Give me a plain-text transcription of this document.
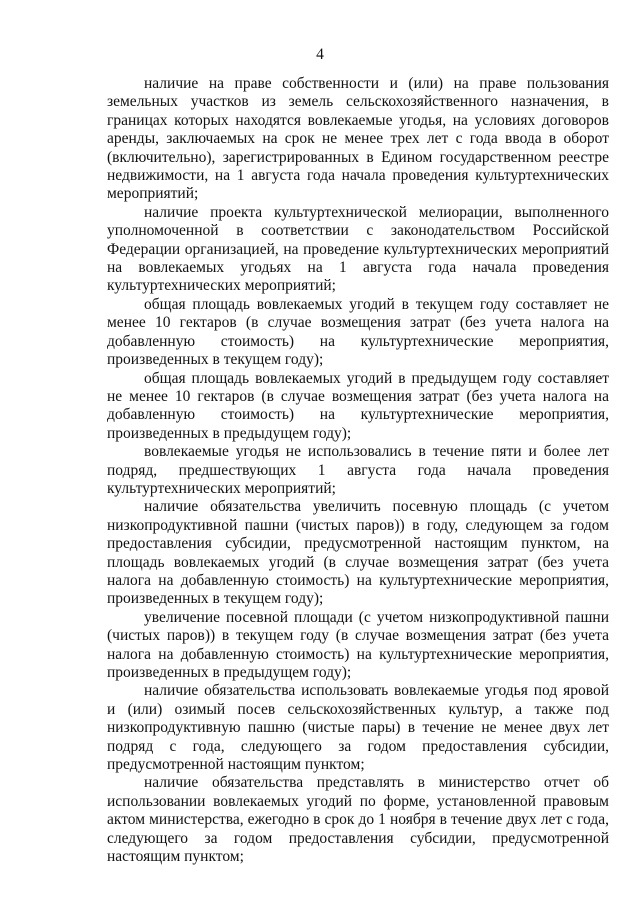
4

наличие на праве собственности и (или) на праве пользования земельных участков из земель сельскохозяйственного назначения, в границах которых находятся вовлекаемые угодья, на условиях договоров аренды, заключаемых на срок не менее трех лет с года ввода в оборот (включительно), зарегистрированных в Едином государственном реестре недвижимости, на 1 августа года начала проведения культуртехнических мероприятий;

наличие проекта культуртехнической мелиорации, выполненного уполномоченной в соответствии с законодательством Российской Федерации организацией, на проведение культуртехнических мероприятий на вовлекаемых угодьях на 1 августа года начала проведения культуртехнических мероприятий;

общая площадь вовлекаемых угодий в текущем году составляет не менее 10 гектаров (в случае возмещения затрат (без учета налога на добавленную стоимость) на культуртехнические мероприятия, произведенных в текущем году);

общая площадь вовлекаемых угодий в предыдущем году составляет не менее 10 гектаров (в случае возмещения затрат (без учета налога на добавленную стоимость) на культуртехнические мероприятия, произведенных в предыдущем году);

вовлекаемые угодья не использовались в течение пяти и более лет подряд, предшествующих 1 августа года начала проведения культуртехнических мероприятий;

наличие обязательства увеличить посевную площадь (с учетом низкопродуктивной пашни (чистых паров)) в году, следующем за годом предоставления субсидии, предусмотренной настоящим пунктом, на площадь вовлекаемых угодий (в случае возмещения затрат (без учета налога на добавленную стоимость) на культуртехнические мероприятия, произведенных в текущем году);

увеличение посевной площади (с учетом низкопродуктивной пашни (чистых паров)) в текущем году (в случае возмещения затрат (без учета налога на добавленную стоимость) на культуртехнические мероприятия, произведенных в предыдущем году);

наличие обязательства использовать вовлекаемые угодья под яровой и (или) озимый посев сельскохозяйственных культур, а также под низкопродуктивную пашню (чистые пары) в течение не менее двух лет подряд с года, следующего за годом предоставления субсидии, предусмотренной настоящим пунктом;

наличие обязательства представлять в министерство отчет об использовании вовлекаемых угодий по форме, установленной правовым актом министерства, ежегодно в срок до 1 ноября в течение двух лет с года, следующего за годом предоставления субсидии, предусмотренной настоящим пунктом;
